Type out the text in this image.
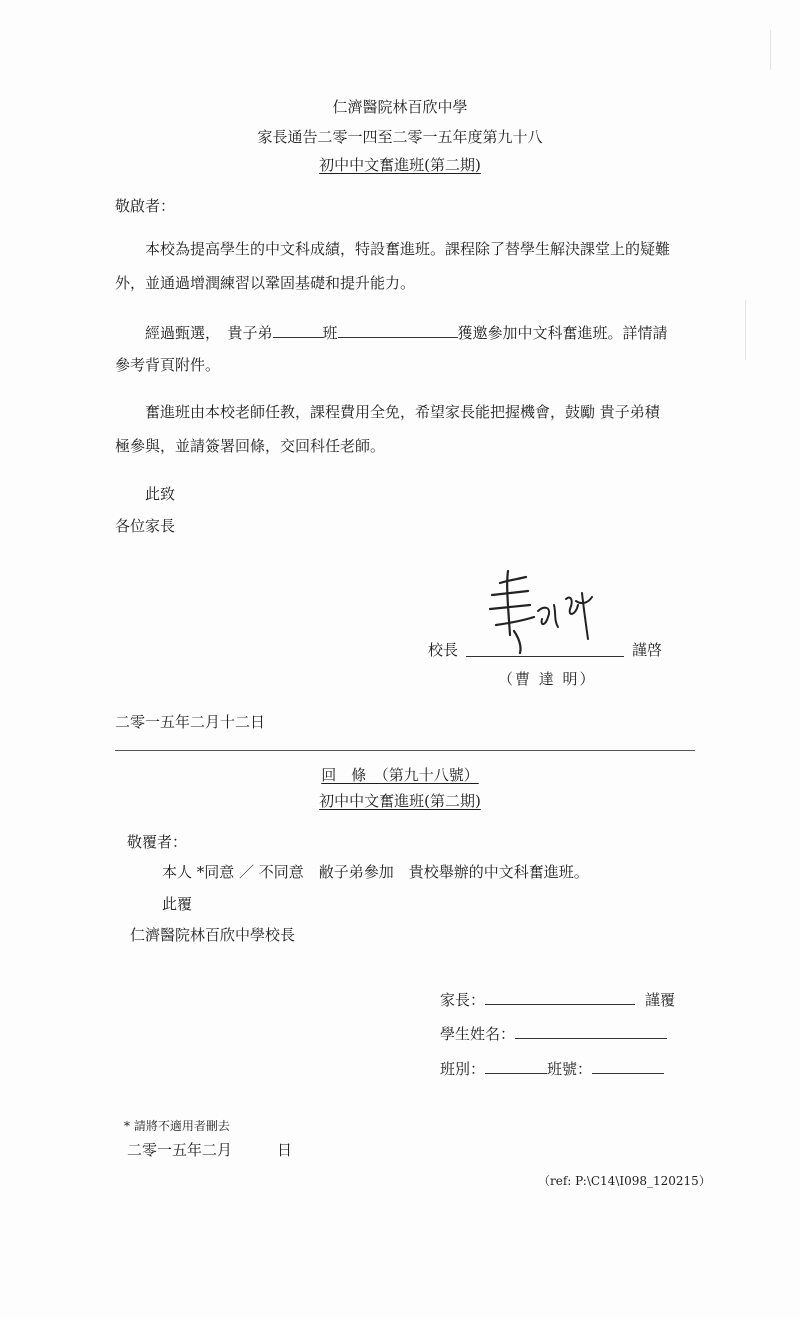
仁濟醫院林百欣中學
家長通告二零一四至二零一五年度第九十八
初中中文奮進班(第二期)
敬啟者：
本校為提高學生的中文科成績，特設奮進班。課程除了替學生解決課堂上的疑難
外，並通過增潤練習以鞏固基礎和提升能力。
經過甄選，　貴子弟	班	獲邀參加中文科奮進班。詳情請
參考背頁附件。
奮進班由本校老師任教，課程費用全免，希望家長能把握機會，鼓勵 貴子弟積
極參與，並請簽署回條，交回科任老師。
此致
各位家長
校長	謹啓
（曹 達 明）
二零一五年二月十二日
回　條　（第九十八號）
初中中文奮進班(第二期)
敬覆者：
本人 *同意 ／ 不同意　敝子弟參加　貴校舉辦的中文科奮進班。
此覆
仁濟醫院林百欣中學校長
家長：	謹覆
學生姓名：
班別：	班號：
* 請將不適用者刪去
二零一五年二月　　　日
（ref: P:\C14\I098_120215）
